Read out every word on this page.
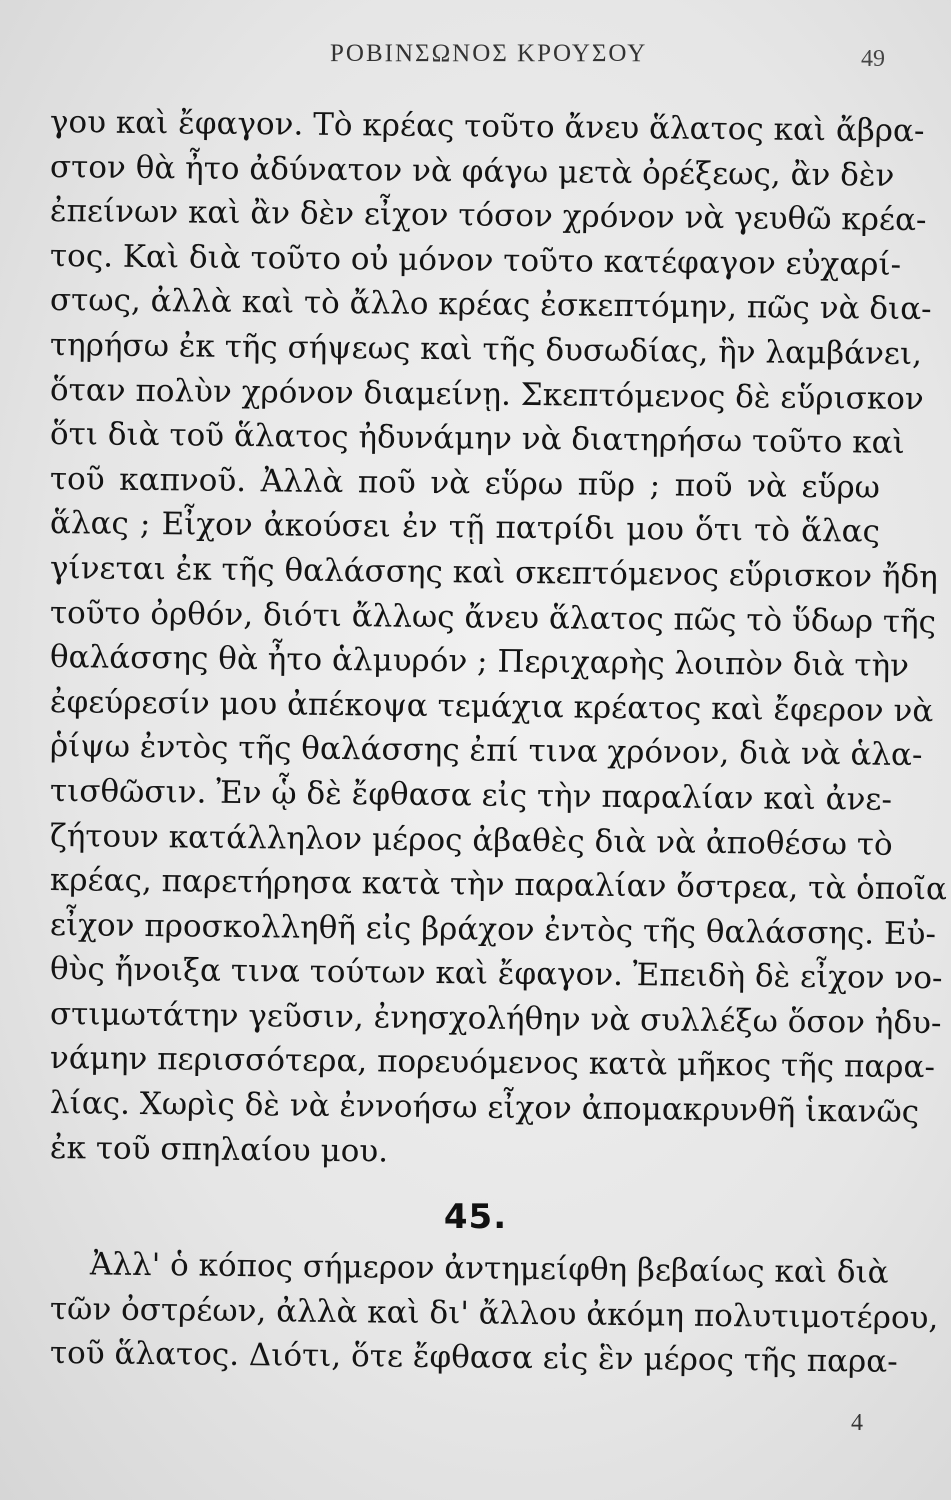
ΡΟΒΙΝΣΩΝΟΣ ΚΡΟΥΣΟΥ	49
γου καὶ ἔφαγον. Τὸ κρέας τοῦτο ἄνευ ἅλατος καὶ ἄβρα-
στον θὰ ἦτο ἀδύνατον νὰ φάγω μετὰ ὀρέξεως, ἂν δὲν
ἐπείνων καὶ ἂν δὲν εἶχον τόσον χρόνον νὰ γευθῶ κρέα-
τος. Καὶ διὰ τοῦτο οὐ μόνον τοῦτο κατέφαγον εὐχαρί-
στως, ἀλλὰ καὶ τὸ ἄλλο κρέας ἐσκεπτόμην, πῶς νὰ δια-
τηρήσω ἐκ τῆς σήψεως καὶ τῆς δυσωδίας, ἣν λαμβάνει,
ὅταν πολὺν χρόνον διαμείνῃ. Σκεπτόμενος δὲ εὕρισκον
ὅτι διὰ τοῦ ἅλατος ἠδυνάμην νὰ διατηρήσω τοῦτο καὶ
τοῦ καπνοῦ. Ἀλλὰ ποῦ νὰ εὕρω πῦρ ; ποῦ νὰ εὕρω
ἅλας ; Εἶχον ἀκούσει ἐν τῇ πατρίδι μου ὅτι τὸ ἅλας
γίνεται ἐκ τῆς θαλάσσης καὶ σκεπτόμενος εὕρισκον ἤδη
τοῦτο ὀρθόν, διότι ἄλλως ἄνευ ἅλατος πῶς τὸ ὕδωρ τῆς
θαλάσσης θὰ ἦτο ἁλμυρόν ; Περιχαρὴς λοιπὸν διὰ τὴν
ἐφεύρεσίν μου ἀπέκοψα τεμάχια κρέατος καὶ ἔφερον νὰ
ῥίψω ἐντὸς τῆς θαλάσσης ἐπί τινα χρόνον, διὰ νὰ ἁλα-
τισθῶσιν. Ἐν ᾧ δὲ ἔφθασα εἰς τὴν παραλίαν καὶ ἀνε-
ζήτουν κατάλληλον μέρος ἀβαθὲς διὰ νὰ ἀποθέσω τὸ
κρέας, παρετήρησα κατὰ τὴν παραλίαν ὄστρεα, τὰ ὁποῖα
εἶχον προσκολληθῆ εἰς βράχον ἐντὸς τῆς θαλάσσης. Εὐ-
θὺς ἤνοιξα τινα τούτων καὶ ἔφαγον. Ἐπειδὴ δὲ εἶχον νο-
στιμωτάτην γεῦσιν, ἐνησχολήθην νὰ συλλέξω ὅσον ἠδυ-
νάμην περισσότερα, πορευόμενος κατὰ μῆκος τῆς παρα-
λίας. Χωρὶς δὲ νὰ ἐννοήσω εἶχον ἀπομακρυνθῆ ἱκανῶς
ἐκ τοῦ σπηλαίου μου.
45.
Ἀλλ' ὁ κόπος σήμερον ἀντημείφθη βεβαίως καὶ διὰ
τῶν ὀστρέων, ἀλλὰ καὶ δι' ἄλλου ἀκόμη πολυτιμοτέρου,
τοῦ ἅλατος. Διότι, ὅτε ἔφθασα εἰς ἓν μέρος τῆς παρα-
4
